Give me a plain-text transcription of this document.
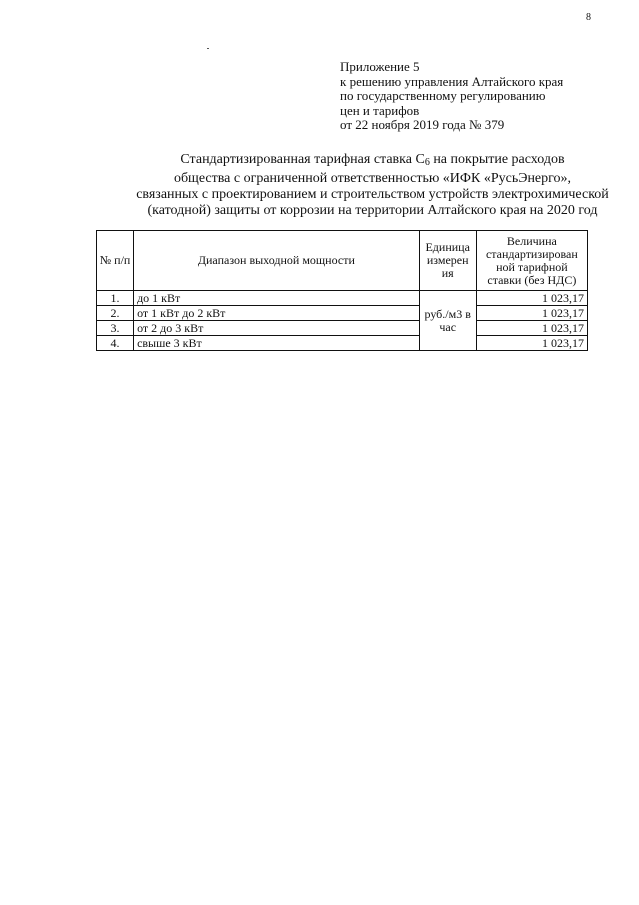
8
Приложение 5
к решению управления Алтайского края
по государственному регулированию
цен и тарифов
от 22 ноября 2019 года № 379
Стандартизированная тарифная ставка $С_6$ на покрытие расходов
общества с ограниченной ответственностью «ИФК «РусьЭнерго»,
связанных с проектированием и строительством устройств электрохимической
(катодной) защиты от коррозии на территории Алтайского края на 2020 год
№ п/п	Диапазон выходной мощности	Единица измерен ия	Величина стандартизирован ной тарифной ставки (без НДС)
1.	до 1 кВт	руб./м3 в час	1 023,17
2.	от 1 кВт до 2 кВт		1 023,17
3.	от 2 до 3 кВт		1 023,17
4.	свыше 3 кВт		1 023,17
